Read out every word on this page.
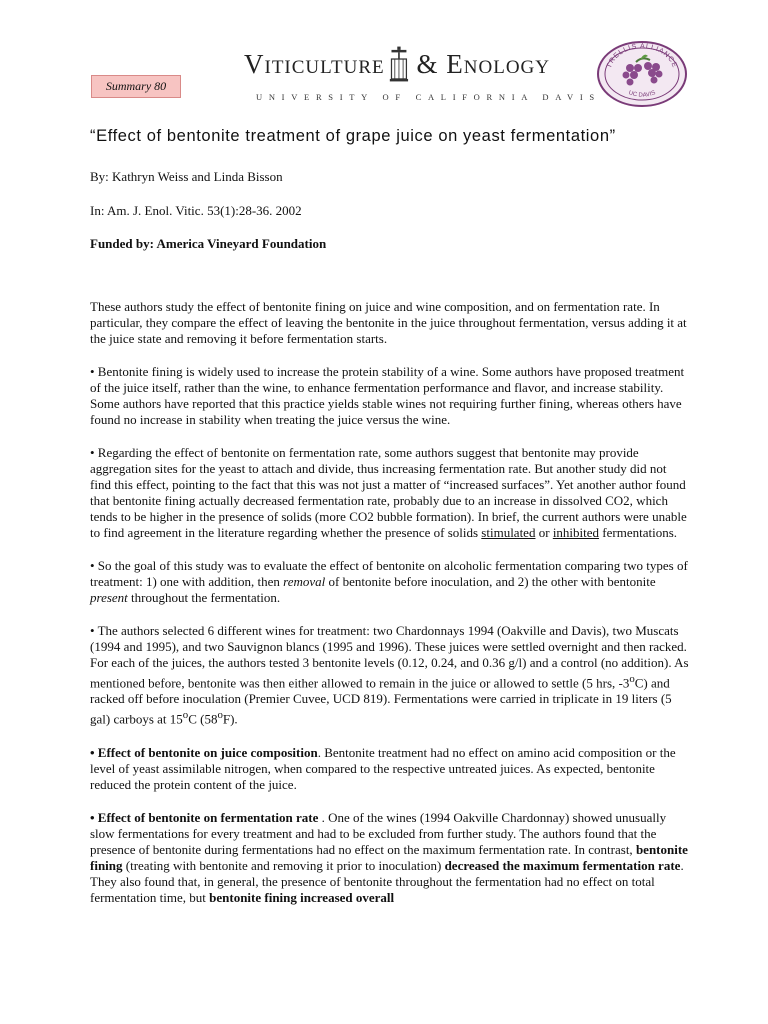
Summary 80
Viticulture & Enology
UNIVERSITY OF CALIFORNIA DAVIS
TRELLIS ALLIANCE
UC DAVIS
“Effect of bentonite treatment of grape juice on yeast fermentation”
By: Kathryn Weiss and Linda Bisson
In: Am. J. Enol. Vitic. 53(1):28-36. 2002
Funded by: America Vineyard Foundation

These authors study the effect of bentonite fining on juice and wine composition, and on fermentation rate. In particular, they compare the effect of leaving the bentonite in the juice throughout fermentation, versus adding it at the juice state and removing it before fermentation starts.

• Bentonite fining is widely used to increase the protein stability of a wine. Some authors have proposed treatment of the juice itself, rather than the wine, to enhance fermentation performance and flavor, and increase stability. Some authors have reported that this practice yields stable wines not requiring further fining, whereas others have found no increase in stability when treating the juice versus the wine.

• Regarding the effect of bentonite on fermentation rate, some authors suggest that bentonite may provide aggregation sites for the yeast to attach and divide, thus increasing fermentation rate. But another study did not find this effect, pointing to the fact that this was not just a matter of “increased surfaces”. Yet another author found that bentonite fining actually decreased fermentation rate, probably due to an increase in dissolved CO2, which tends to be higher in the presence of solids (more CO2 bubble formation). In brief, the current authors were unable to find agreement in the literature regarding whether the presence of solids stimulated or inhibited fermentations.

• So the goal of this study was to evaluate the effect of bentonite on alcoholic fermentation comparing two types of treatment: 1) one with addition, then removal of bentonite before inoculation, and 2) the other with bentonite present throughout the fermentation.

• The authors selected 6 different wines for treatment: two Chardonnays 1994 (Oakville and Davis), two Muscats (1994 and 1995), and two Sauvignon blancs (1995 and 1996). These juices were settled overnight and then racked. For each of the juices, the authors tested 3 bentonite levels (0.12, 0.24, and 0.36 g/l) and a control (no addition). As mentioned before, bentonite was then either allowed to remain in the juice or allowed to settle (5 hrs, -3$^o$C) and racked off before inoculation (Premier Cuvee, UCD 819). Fermentations were carried in triplicate in 19 liters (5 gal) carboys at 15$^o$C (58$^o$F).

• Effect of bentonite on juice composition. Bentonite treatment had no effect on amino acid composition or the level of yeast assimilable nitrogen, when compared to the respective untreated juices. As expected, bentonite reduced the protein content of the juice.

• Effect of bentonite on fermentation rate . One of the wines (1994 Oakville Chardonnay) showed unusually slow fermentations for every treatment and had to be excluded from further study. The authors found that the presence of bentonite during fermentations had no effect on the maximum fermentation rate. In contrast, bentonite fining (treating with bentonite and removing it prior to inoculation) decreased the maximum fermentation rate. They also found that, in general, the presence of bentonite throughout the fermentation had no effect on total fermentation time, but bentonite fining increased overall
